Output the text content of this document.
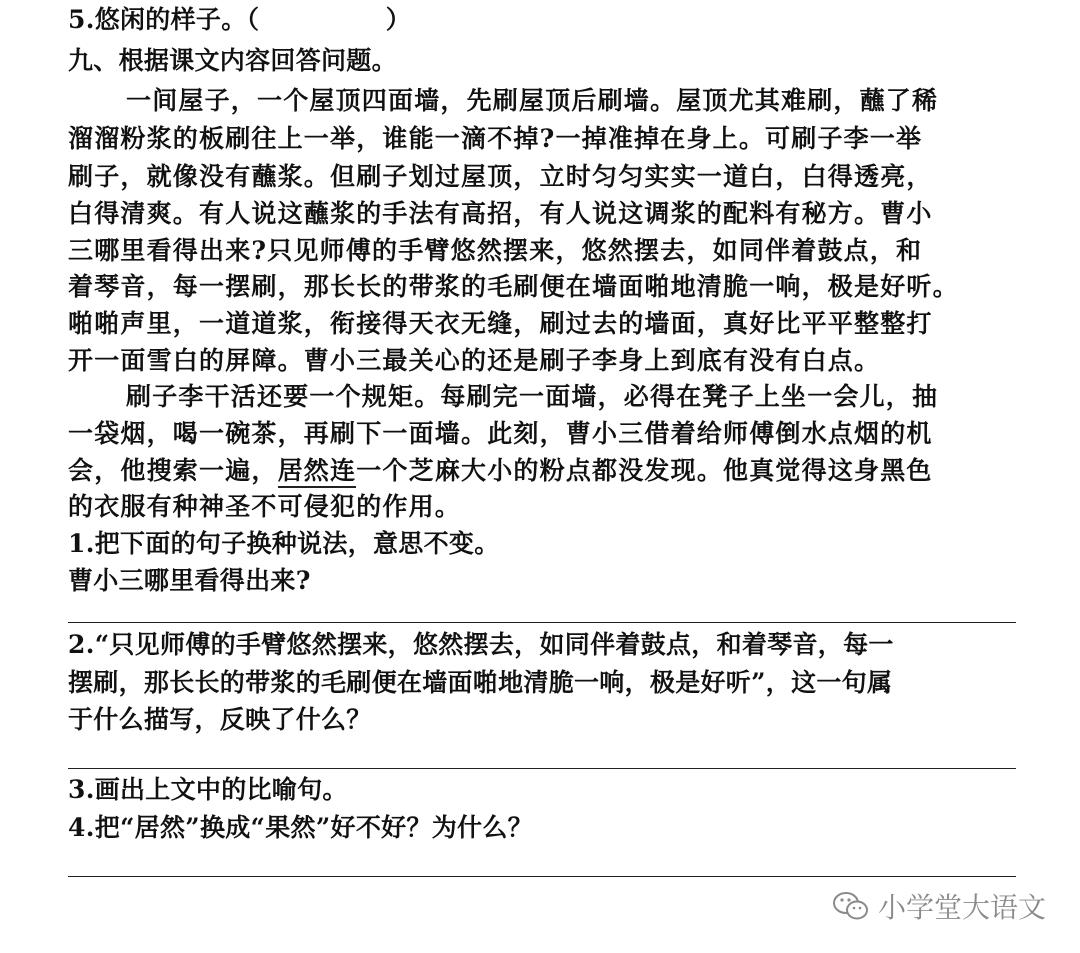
5.悠闲的样子。（　　　　　）
九、根据课文内容回答问题。
一间屋子，一个屋顶四面墙，先刷屋顶后刷墙。屋顶尤其难刷，蘸了稀
溜溜粉浆的板刷往上一举，谁能一滴不掉?一掉准掉在身上。可刷子李一举
刷子，就像没有蘸浆。但刷子划过屋顶，立时匀匀实实一道白，白得透亮，
白得清爽。有人说这蘸浆的手法有高招，有人说这调浆的配料有秘方。曹小
三哪里看得出来?只见师傅的手臂悠然摆来，悠然摆去，如同伴着鼓点，和
着琴音，每一摆刷，那长长的带浆的毛刷便在墙面啪地清脆一响，极是好听。
啪啪声里，一道道浆，衔接得天衣无缝，刷过去的墙面，真好比平平整整打
开一面雪白的屏障。曹小三最关心的还是刷子李身上到底有没有白点。
刷子李干活还要一个规矩。每刷完一面墙，必得在凳子上坐一会儿，抽
一袋烟，喝一碗茶，再刷下一面墙。此刻，曹小三借着给师傅倒水点烟的机
会，他搜索一遍，居然连一个芝麻大小的粉点都没发现。他真觉得这身黑色
的衣服有种神圣不可侵犯的作用。
1.把下面的句子换种说法，意思不变。
曹小三哪里看得出来?
2.“只见师傅的手臂悠然摆来，悠然摆去，如同伴着鼓点，和着琴音，每一
摆刷，那长长的带浆的毛刷便在墙面啪地清脆一响，极是好听”，这一句属
于什么描写，反映了什么？
3.画出上文中的比喻句。
4.把“居然”换成“果然”好不好？为什么？
小学堂大语文
